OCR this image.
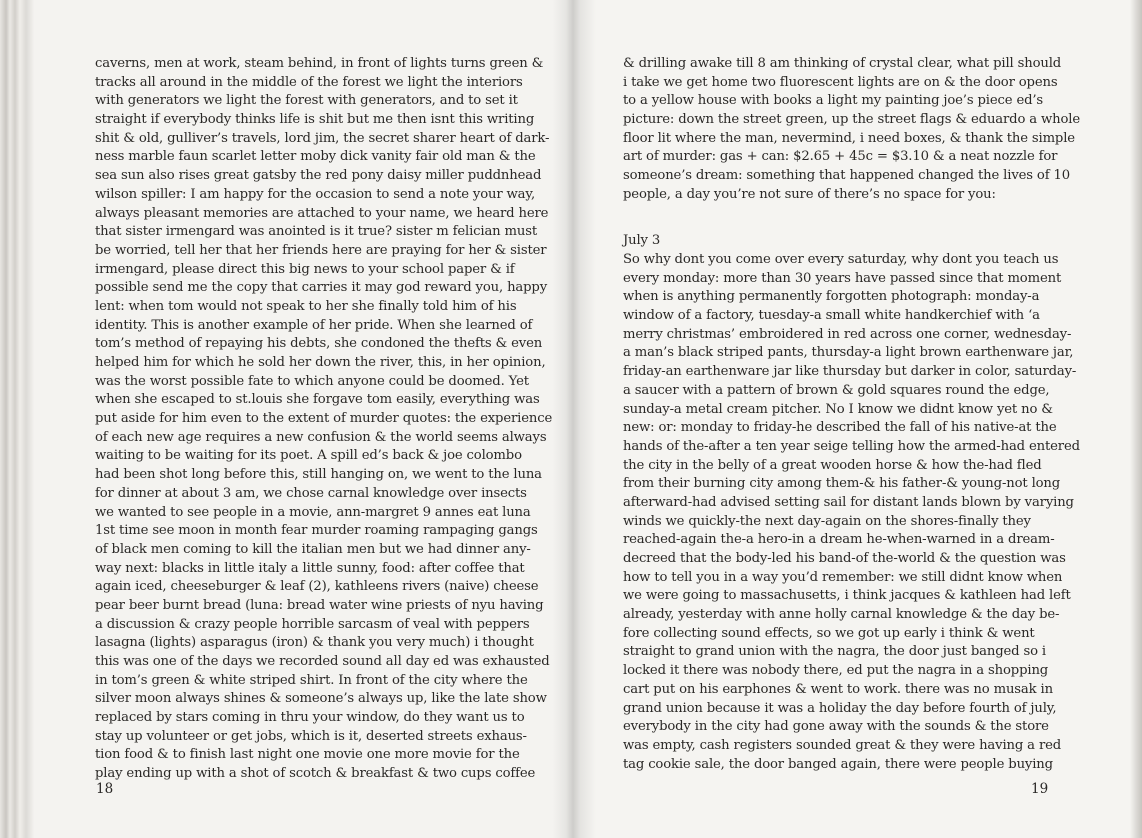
caverns, men at work, steam behind, in front of lights turns green &
tracks all around in the middle of the forest we light the interiors
with generators we light the forest with generators, and to set it
straight if everybody thinks life is shit but me then isnt this writing
shit & old, gulliver’s travels, lord jim, the secret sharer heart of dark-
ness marble faun scarlet letter moby dick vanity fair old man & the
sea sun also rises great gatsby the red pony daisy miller puddnhead
wilson spiller: I am happy for the occasion to send a note your way,
always pleasant memories are attached to your name, we heard here
that sister irmengard was anointed is it true? sister m felician must
be worried, tell her that her friends here are praying for her & sister
irmengard, please direct this big news to your school paper & if
possible send me the copy that carries it may god reward you, happy
lent: when tom would not speak to her she finally told him of his
identity. This is another example of her pride. When she learned of
tom’s method of repaying his debts, she condoned the thefts & even
helped him for which he sold her down the river, this, in her opinion,
was the worst possible fate to which anyone could be doomed. Yet
when she escaped to st.louis she forgave tom easily, everything was
put aside for him even to the extent of murder quotes: the experience
of each new age requires a new confusion & the world seems always
waiting to be waiting for its poet. A spill ed’s back & joe colombo
had been shot long before this, still hanging on, we went to the luna
for dinner at about 3 am, we chose carnal knowledge over insects
we wanted to see people in a movie, ann-margret 9 annes eat luna
1st time see moon in month fear murder roaming rampaging gangs
of black men coming to kill the italian men but we had dinner any-
way next: blacks in little italy a little sunny, food: after coffee that
again iced, cheeseburger & leaf (2), kathleens rivers (naive) cheese
pear beer burnt bread (luna: bread water wine priests of nyu having
a discussion & crazy people horrible sarcasm of veal with peppers
lasagna (lights) asparagus (iron) & thank you very much) i thought
this was one of the days we recorded sound all day ed was exhausted
in tom’s green & white striped shirt. In front of the city where the
silver moon always shines & someone’s always up, like the late show
replaced by stars coming in thru your window, do they want us to
stay up volunteer or get jobs, which is it, deserted streets exhaus-
tion food & to finish last night one movie one more movie for the
play ending up with a shot of scotch & breakfast & two cups coffee
18
& drilling awake till 8 am thinking of crystal clear, what pill should
i take we get home two fluorescent lights are on & the door opens
to a yellow house with books a light my painting joe’s piece ed’s
picture: down the street green, up the street flags & eduardo a whole
floor lit where the man, nevermind, i need boxes, & thank the simple
art of murder: gas + can: $2.65 + 45c = $3.10 & a neat nozzle for
someone’s dream: something that happened changed the lives of 10
people, a day you’re not sure of there’s no space for you:
July 3
So why dont you come over every saturday, why dont you teach us
every monday: more than 30 years have passed since that moment
when is anything permanently forgotten photograph: monday-a
window of a factory, tuesday-a small white handkerchief with ‘a
merry christmas’ embroidered in red across one corner, wednesday-
a man’s black striped pants, thursday-a light brown earthenware jar,
friday-an earthenware jar like thursday but darker in color, saturday-
a saucer with a pattern of brown & gold squares round the edge,
sunday-a metal cream pitcher. No I know we didnt know yet no &
new: or: monday to friday-he described the fall of his native-at the
hands of the-after a ten year seige telling how the armed-had entered
the city in the belly of a great wooden horse & how the-had fled
from their burning city among them-& his father-& young-not long
afterward-had advised setting sail for distant lands blown by varying
winds we quickly-the next day-again on the shores-finally they
reached-again the-a hero-in a dream he-when-warned in a dream-
decreed that the body-led his band-of the-world & the question was
how to tell you in a way you’d remember: we still didnt know when
we were going to massachusetts, i think jacques & kathleen had left
already, yesterday with anne holly carnal knowledge & the day be-
fore collecting sound effects, so we got up early i think & went
straight to grand union with the nagra, the door just banged so i
locked it there was nobody there, ed put the nagra in a shopping
cart put on his earphones & went to work. there was no musak in
grand union because it was a holiday the day before fourth of july,
everybody in the city had gone away with the sounds & the store
was empty, cash registers sounded great & they were having a red
tag cookie sale, the door banged again, there were people buying
19
